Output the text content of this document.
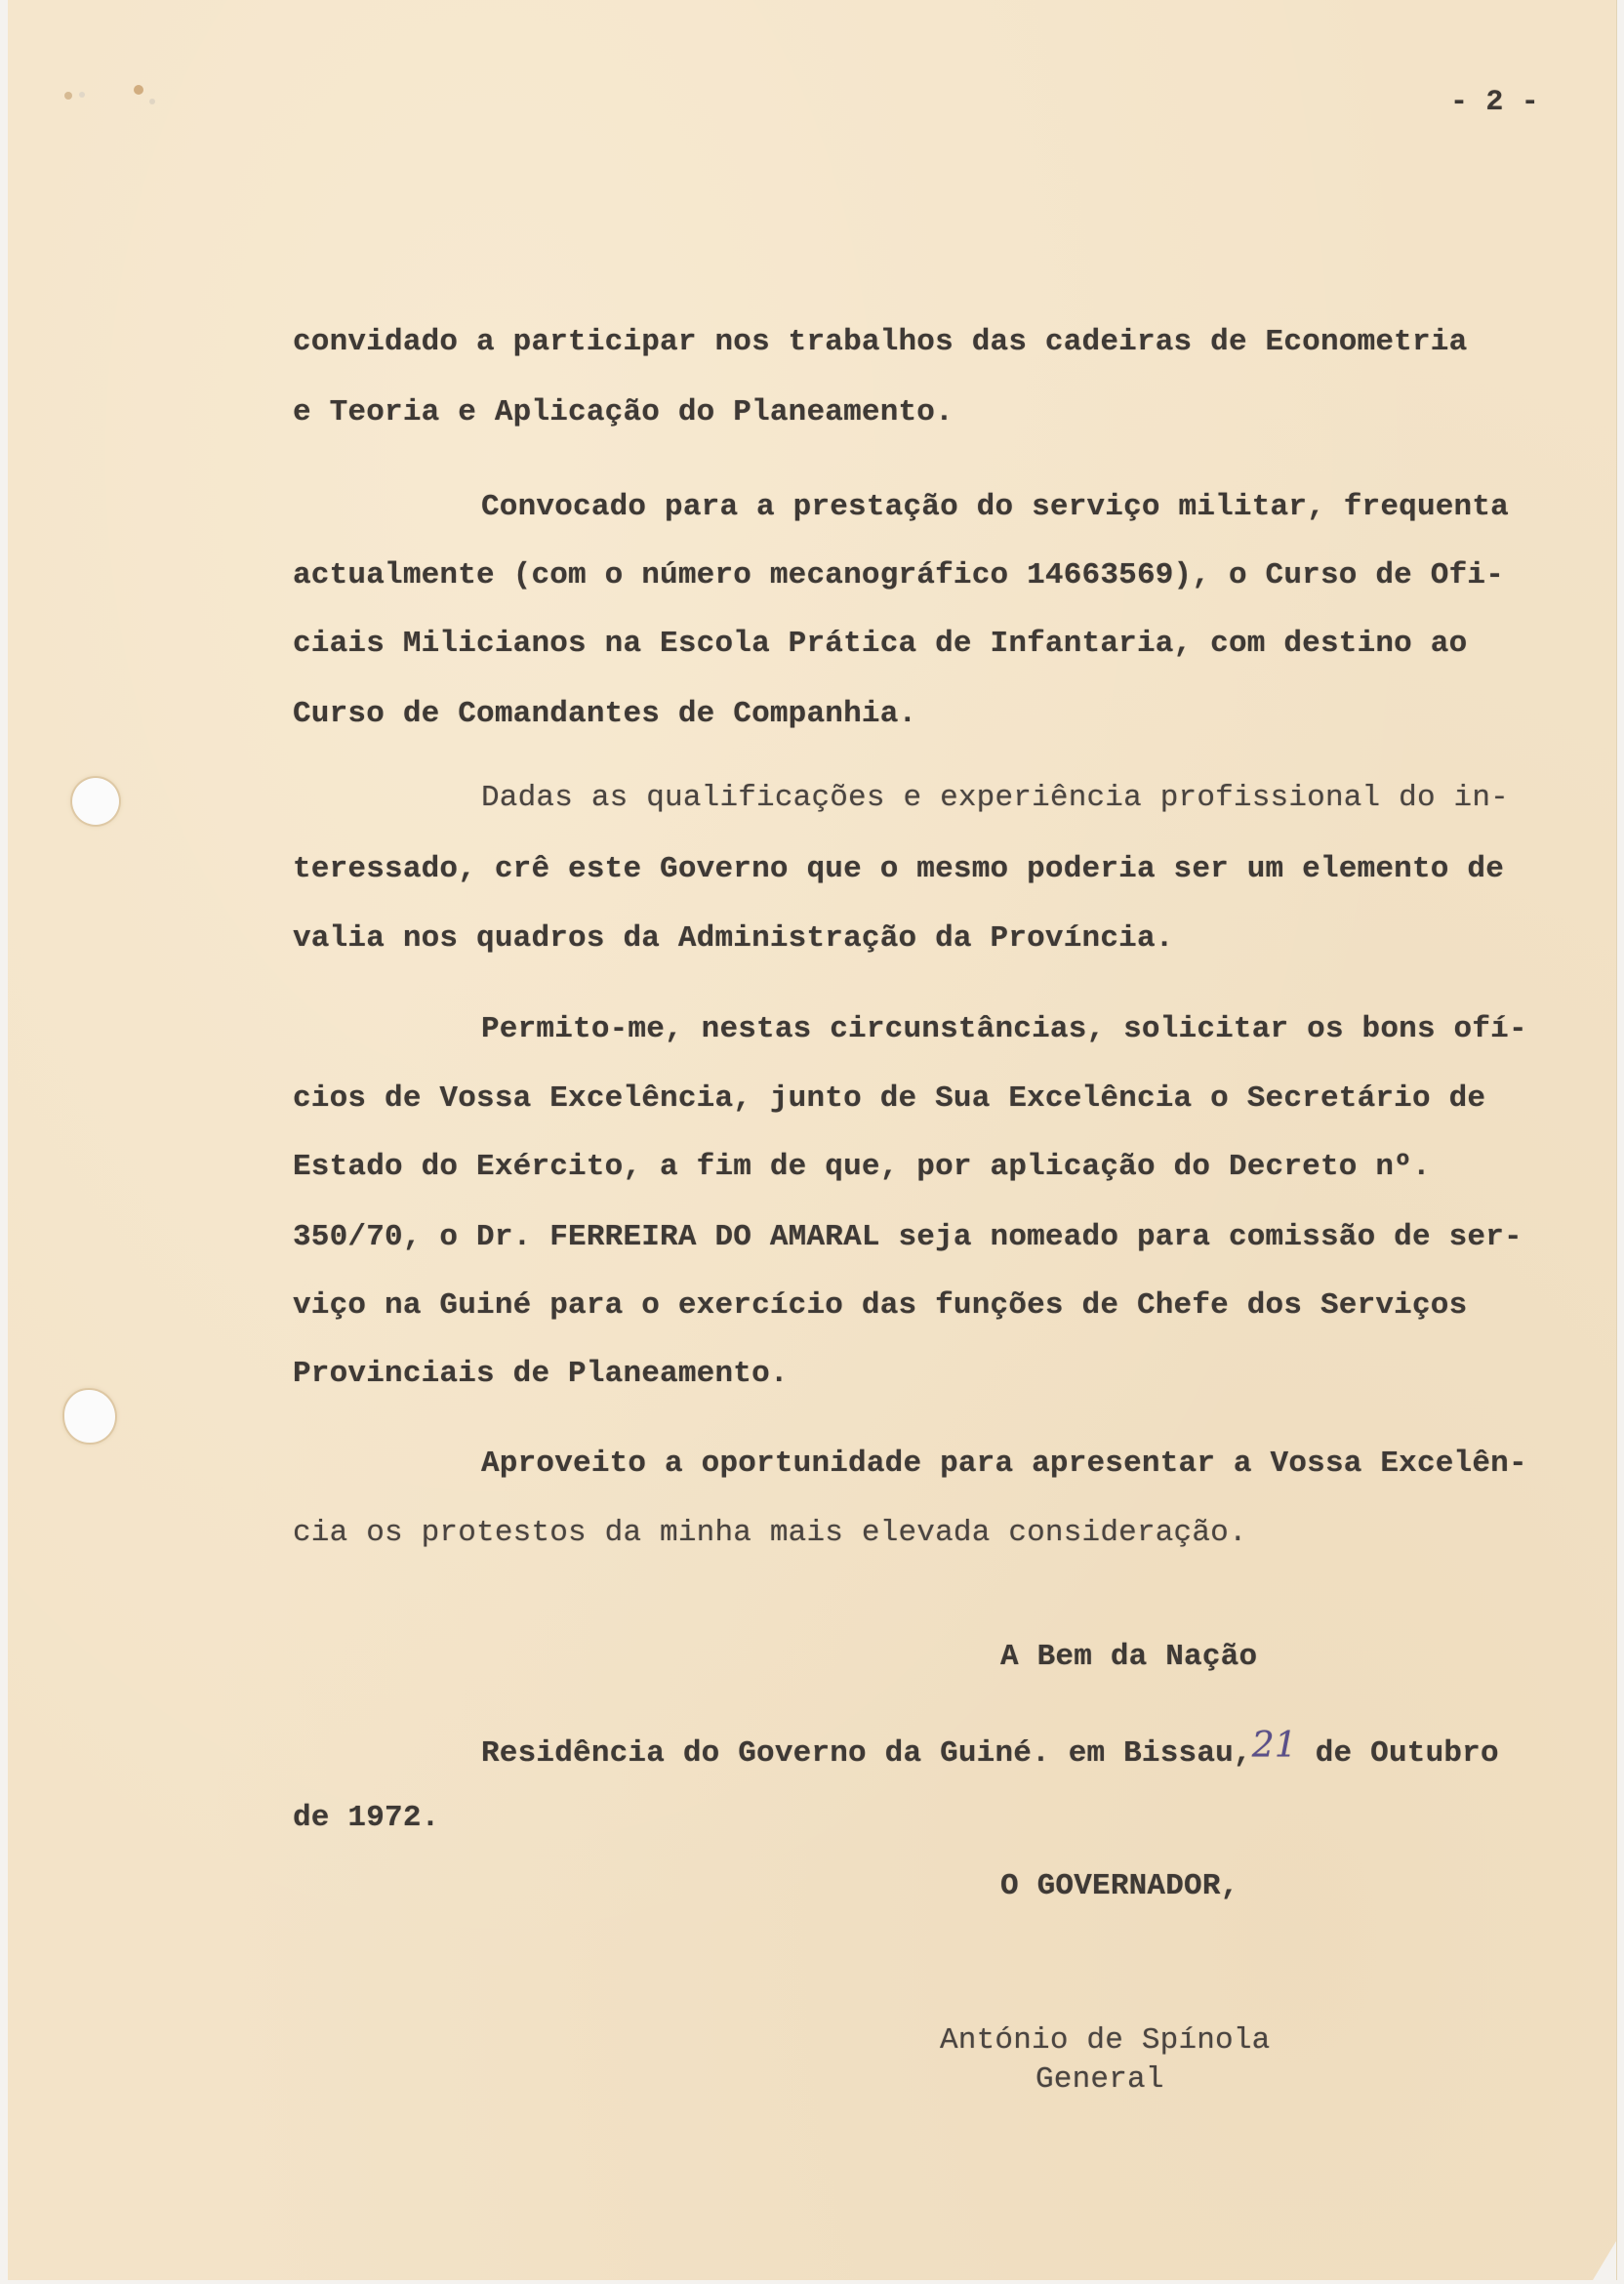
- 2 -
convidado a participar nos trabalhos das cadeiras de Econometria
e Teoria e Aplicação do Planeamento.
Convocado para a prestação do serviço militar, frequenta
actualmente (com o número mecanográfico 14663569), o Curso de Ofi-
ciais Milicianos na Escola Prática de Infantaria, com destino ao
Curso de Comandantes de Companhia.
Dadas as qualificações e experiência profissional do in-
teressado, crê este Governo que o mesmo poderia ser um elemento de
valia nos quadros da Administração da Província.
Permito-me, nestas circunstâncias, solicitar os bons ofí-
cios de Vossa Excelência, junto de Sua Excelência o Secretário de
Estado do Exército, a fim de que, por aplicação do Decreto nº.
350/70, o Dr. FERREIRA DO AMARAL seja nomeado para comissão de ser-
viço na Guiné para o exercício das funções de Chefe dos Serviços
Provinciais de Planeamento.
Aproveito a oportunidade para apresentar a Vossa Excelên-
cia os protestos da minha mais elevada consideração.
A Bem da Nação
Residência do Governo da Guiné. em Bissau,21 de Outubro
de 1972.
O GOVERNADOR,
António de Spínola
General
